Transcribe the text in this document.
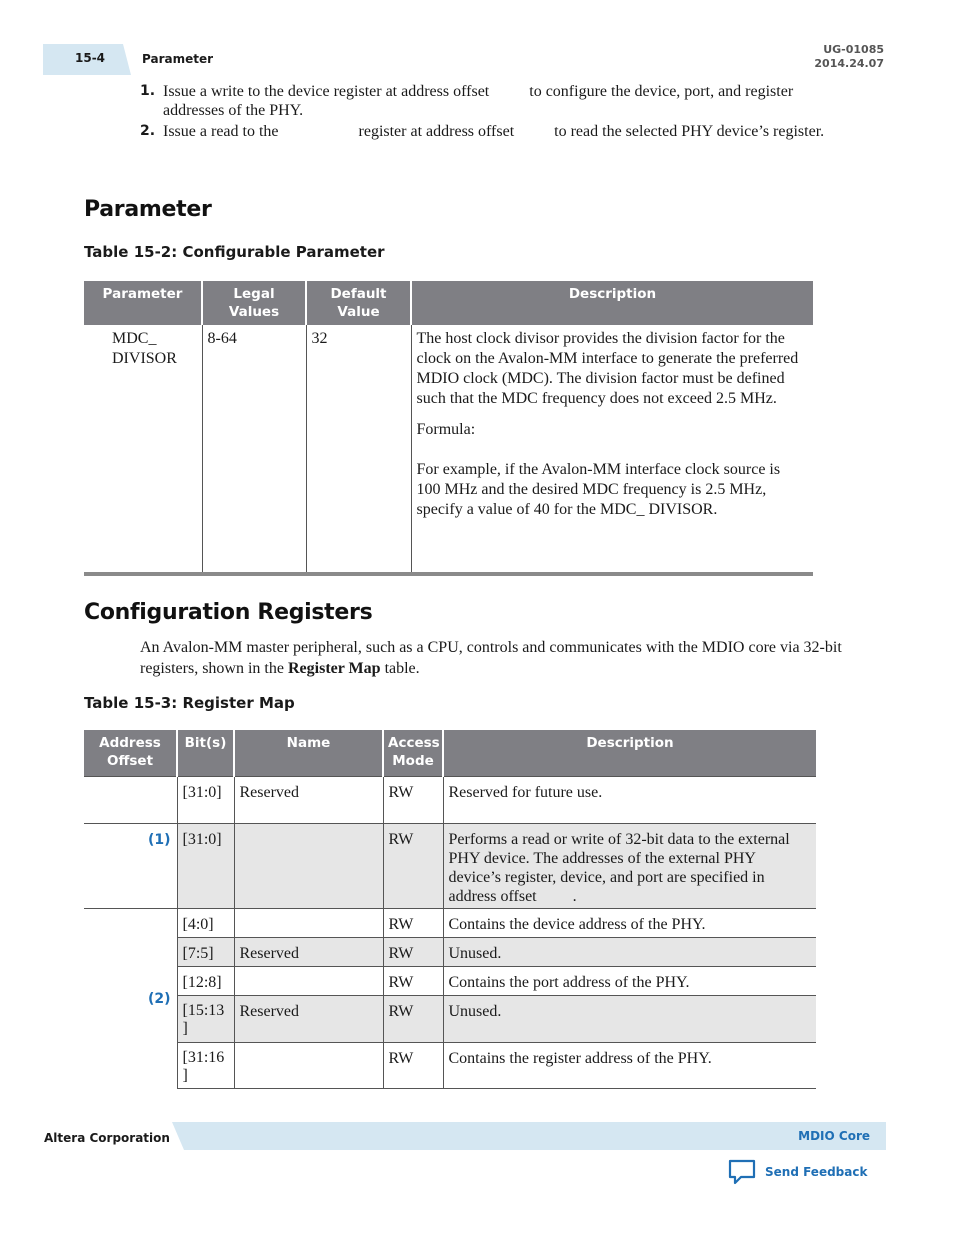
15-4	Parameter
UG-01085
2014.24.07
1. Issue a write to the device register at address offset          to configure the device, port, and register addresses of the PHY.
2. Issue a read to the                    register at address offset          to read the selected PHY device’s register.
Parameter
Table 15-2: Configurable Parameter
Parameter	Legal Values	Default Value	Description
MDC_ DIVISOR	8-64	32	The host clock divisor provides the division factor for the clock on the Avalon-MM interface to generate the preferred MDIO clock (MDC). The division factor must be defined such that the MDC frequency does not exceed 2.5 MHz.

Formula:

For example, if the Avalon-MM interface clock source is 100 MHz and the desired MDC frequency is 2.5 MHz, specify a value of 40 for the MDC_ DIVISOR.

Configuration Registers
An Avalon-MM master peripheral, such as a CPU, controls and communicates with the MDIO core via 32-bit registers, shown in the Register Map table.
Table 15-3: Register Map
Address Offset	Bit(s)	Name	Access Mode	Description
	[31:0]	Reserved	RW	Reserved for future use.
(1)	[31:0]		RW	Performs a read or write of 32-bit data to the external PHY device. The addresses of the external PHY device’s register, device, and port are specified in address offset         .
(2)	[4:0]		RW	Contains the device address of the PHY.
	[7:5]	Reserved	RW	Unused.
	[12:8]		RW	Contains the port address of the PHY.
	[15:13 ]	Reserved	RW	Unused.
	[31:16 ]		RW	Contains the register address of the PHY.
Altera Corporation	MDIO Core
Send Feedback
